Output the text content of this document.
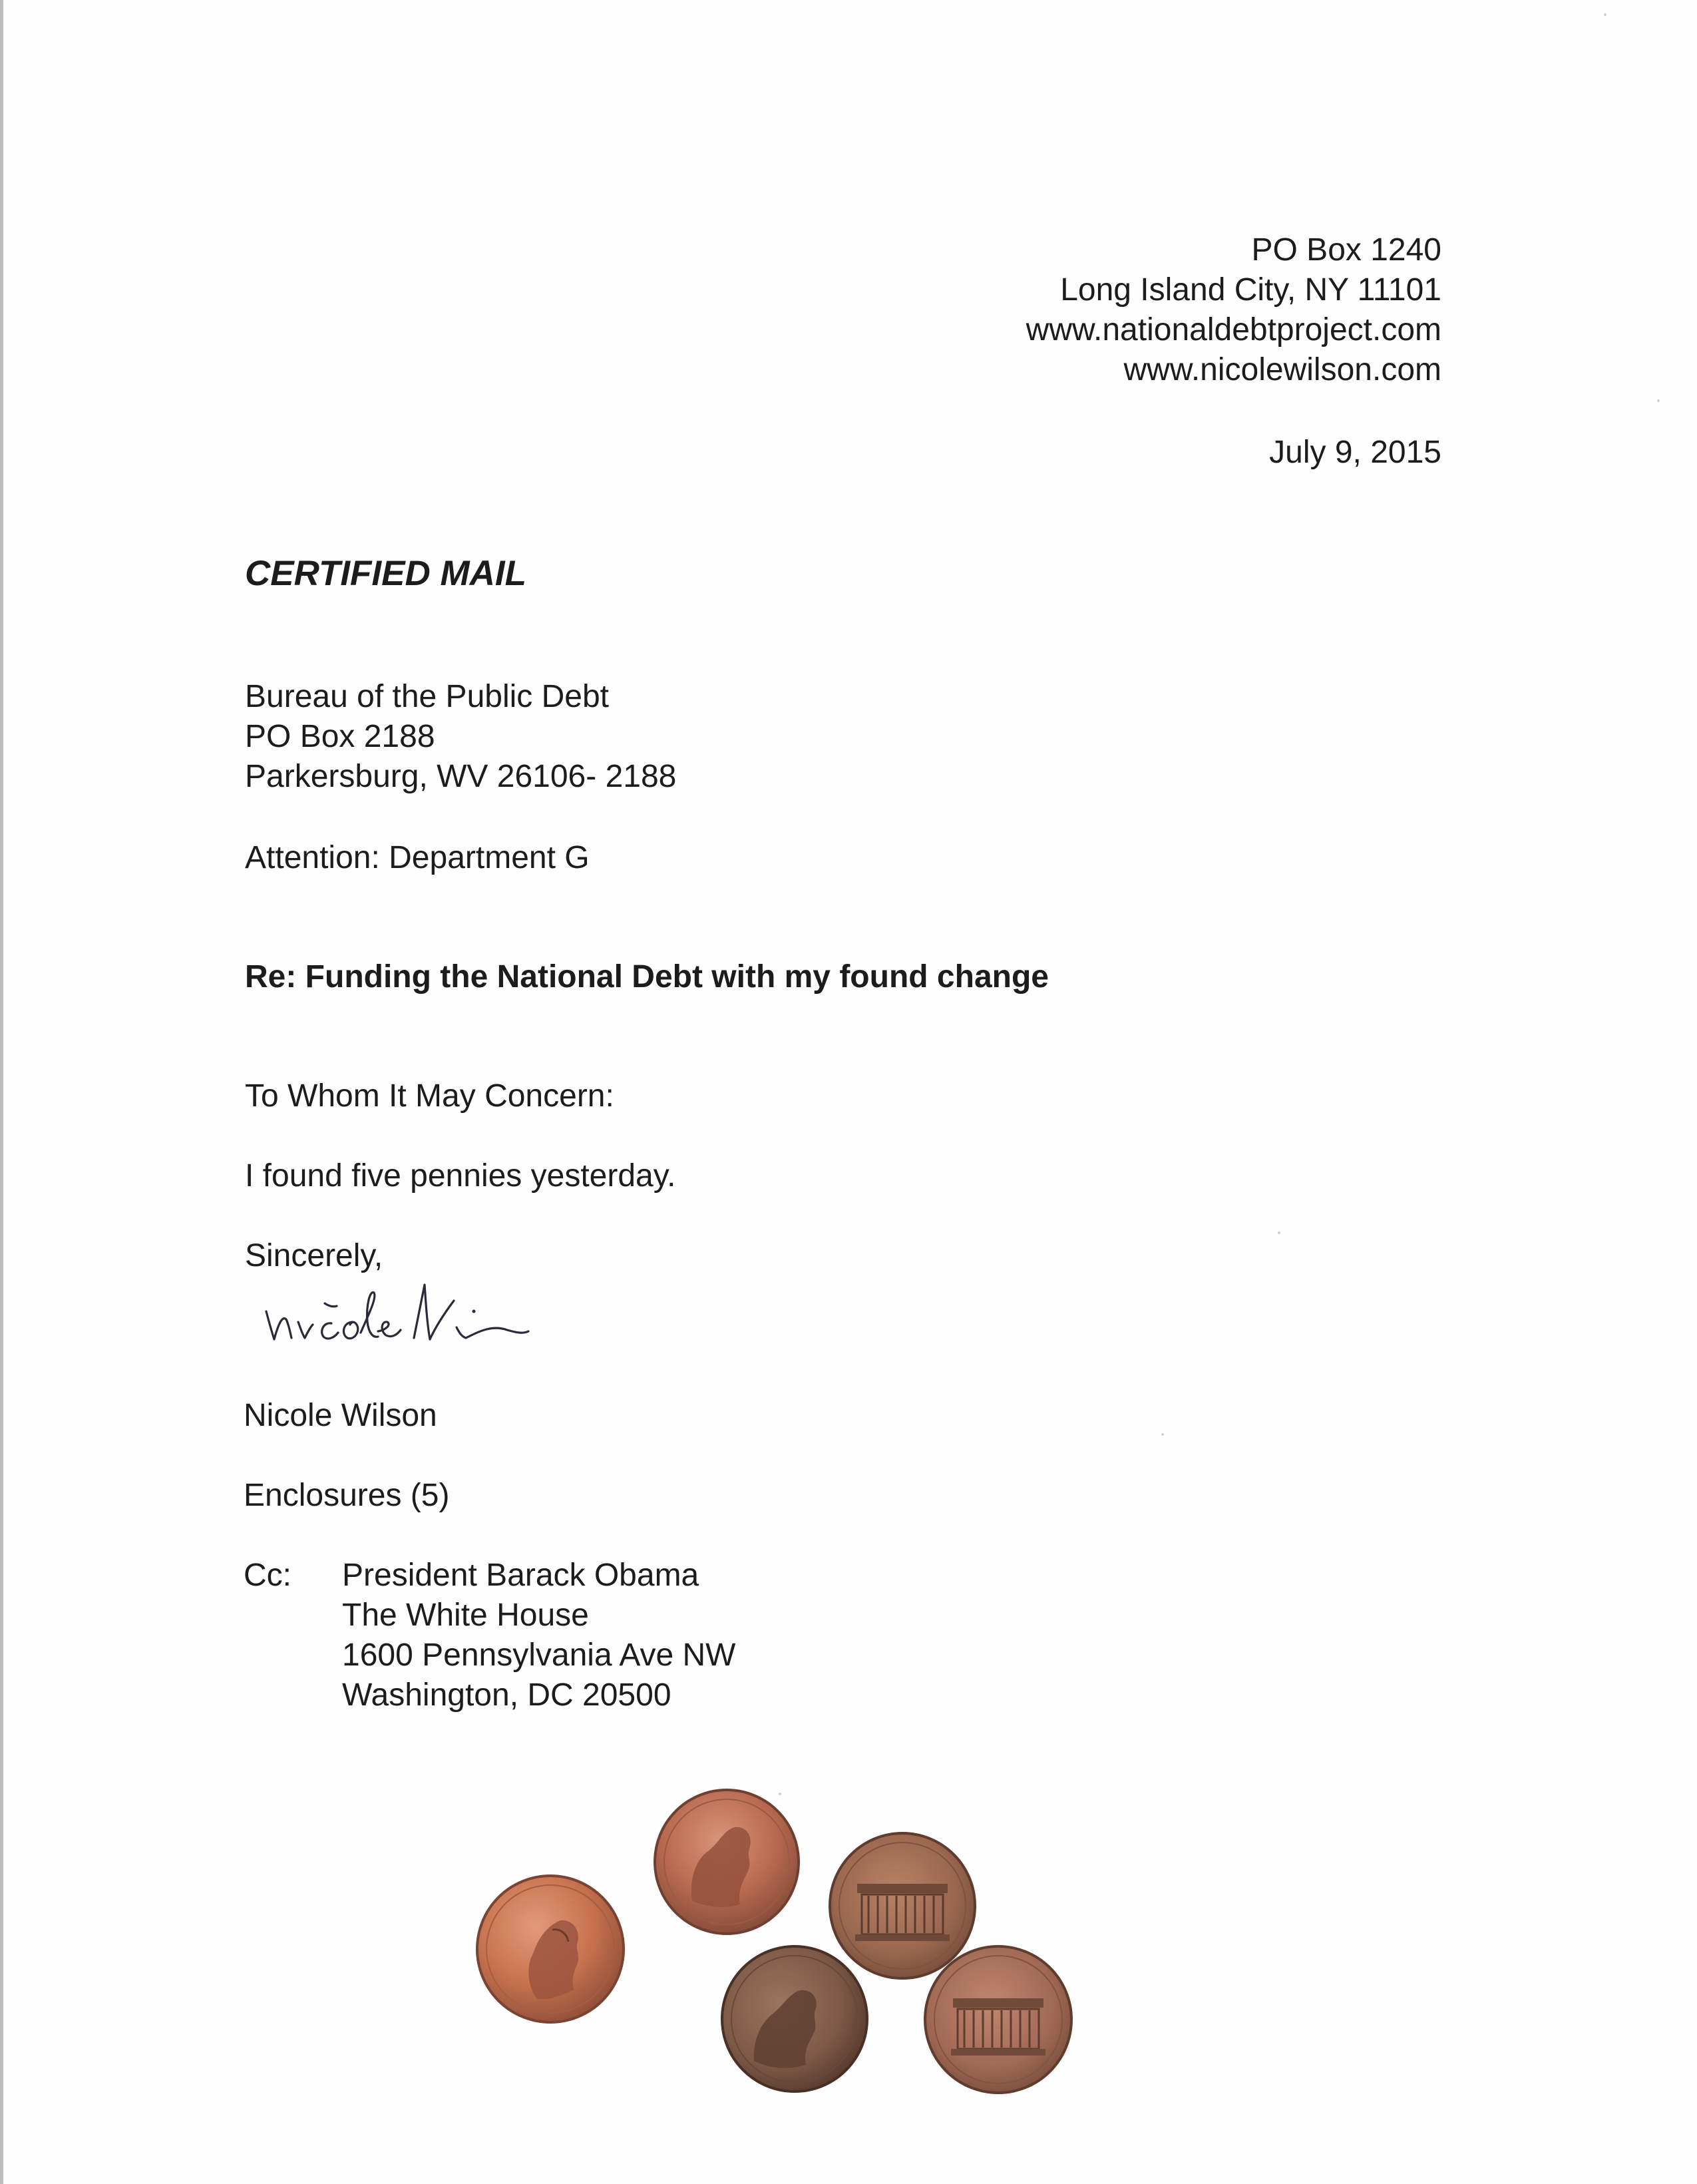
PO Box 1240
Long Island City, NY 11101
www.nationaldebtproject.com
www.nicolewilson.com
July 9, 2015
CERTIFIED MAIL
Bureau of the Public Debt
PO Box 2188
Parkersburg, WV 26106- 2188
Attention: Department G
Re: Funding the National Debt with my found change
To Whom It May Concern:
I found five pennies yesterday.
Sincerely,
Nicole Wilson
Enclosures (5)
Cc: President Barack Obama
The White House
1600 Pennsylvania Ave NW
Washington, DC 20500
